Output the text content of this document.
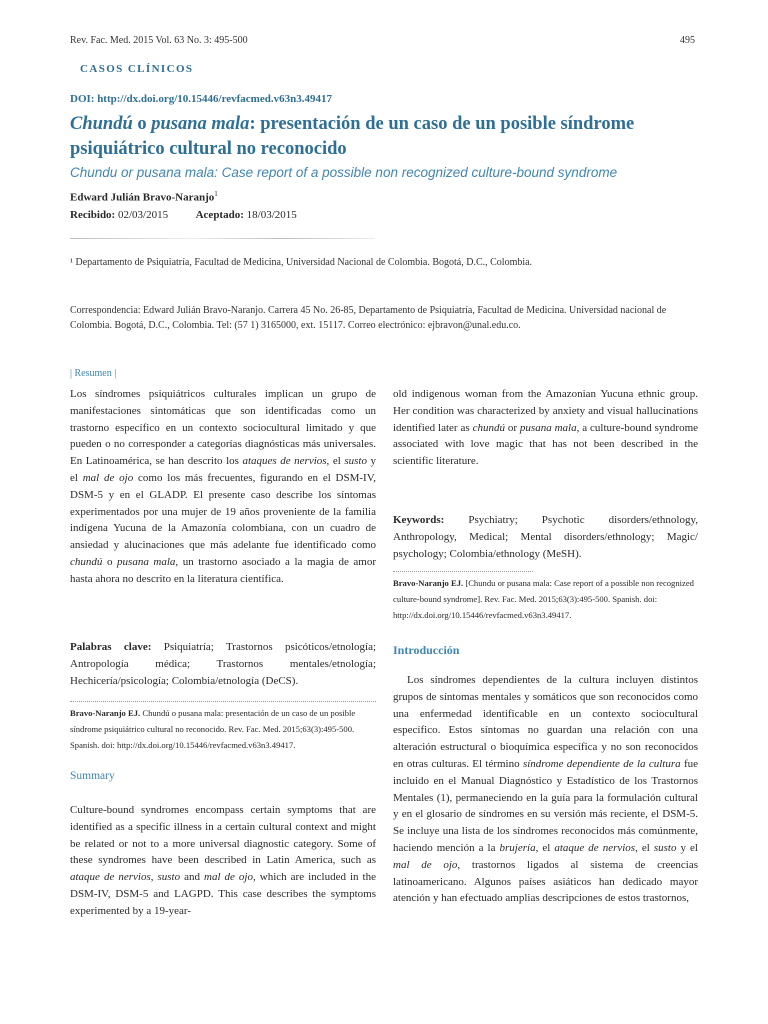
Rev. Fac. Med. 2015 Vol. 63 No. 3: 495-500	495
CASOS CLÍNICOS
DOI: http://dx.doi.org/10.15446/revfacmed.v63n3.49417
Chundú o pusana mala: presentación de un caso de un posible síndrome psiquiátrico cultural no reconocido
Chundu or pusana mala: Case report of a possible non recognized culture-bound syndrome
Edward Julián Bravo-Naranjo$^1$
Recibido: 02/03/2015	Aceptado: 18/03/2015
¹ Departamento de Psiquiatría, Facultad de Medicina, Universidad Nacional de Colombia. Bogotá, D.C., Colombia.
Correspondencia: Edward Julián Bravo-Naranjo. Carrera 45 No. 26-85, Departamento de Psiquiatría, Facultad de Medicina. Universidad nacional de Colombia. Bogotá, D.C., Colombia. Tel: (57 1) 3165000, ext. 15117. Correo electrónico: ejbravon@unal.edu.co.
| Resumen |

Los síndromes psiquiátricos culturales implican un grupo de manifestaciones sintomáticas que son identificadas como un trastorno específico en un contexto sociocultural limitado y que pueden o no corresponder a categorías diagnósticas más universales. En Latinoamérica, se han descrito los ataques de nervios, el susto y el mal de ojo como los más frecuentes, figurando en el DSM-IV, DSM-5 y en el GLADP. El presente caso describe los síntomas experimentados por una mujer de 19 años proveniente de la familia indígena Yucuna de la Amazonía colombiana, con un cuadro de ansiedad y alucinaciones que más adelante fue identificado como chundú o pusana mala, un trastorno asociado a la magia de amor hasta ahora no descrito en la literatura científica.

Palabras clave: Psiquiatría; Trastornos psicóticos/etnología; Antropología médica; Trastornos mentales/etnología; Hechicería/psicología; Colombia/etnología (DeCS).

Bravo-Naranjo EJ. Chundú o pusana mala: presentación de un caso de un posible síndrome psiquiátrico cultural no reconocido. Rev. Fac. Med. 2015;63(3):495-500. Spanish. doi: http://dx.doi.org/10.15446/revfacmed.v63n3.49417.
Summary

Culture-bound syndromes encompass certain symptoms that are identified as a specific illness in a certain cultural context and might be related or not to a more universal diagnostic category. Some of these syndromes have been described in Latin America, such as ataque de nervios, susto and mal de ojo, which are included in the DSM-IV, DSM-5 and LAGPD. This case describes the symptoms experimented by a 19-year-

old indigenous woman from the Amazonian Yucuna ethnic group. Her condition was characterized by anxiety and visual hallucinations identified later as chundú or pusana mala, a culture-bound syndrome associated with love magic that has not been described in the scientific literature.

Keywords: Psychiatry; Psychotic disorders/ethnology, Anthropology, Medical; Mental disorders/ethnology; Magic/ psychology; Colombia/ethnology (MeSH).

Bravo-Naranjo EJ. [Chundu or pusana mala: Case report of a possible non recognized culture-bound syndrome]. Rev. Fac. Med. 2015;63(3):495-500. Spanish. doi: http://dx.doi.org/10.15446/revfacmed.v63n3.49417.
Introducción

Los síndromes dependientes de la cultura incluyen distintos grupos de síntomas mentales y somáticos que son reconocidos como una enfermedad identificable en un contexto sociocultural específico. Estos síntomas no guardan una relación con una alteración estructural o bioquímica específica y no son reconocidos en otras culturas. El término síndrome dependiente de la cultura fue incluido en el Manual Diagnóstico y Estadístico de los Trastornos Mentales (1), permaneciendo en la guía para la formulación cultural y en el glosario de síndromes en su versión más reciente, el DSM-5. Se incluye una lista de los síndromes reconocidos más comúnmente, haciendo mención a la brujería, el ataque de nervios, el susto y el mal de ojo, trastornos ligados al sistema de creencias latinoamericano. Algunos países asiáticos han dedicado mayor atención y han efectuado amplias descripciones de estos trastornos,
